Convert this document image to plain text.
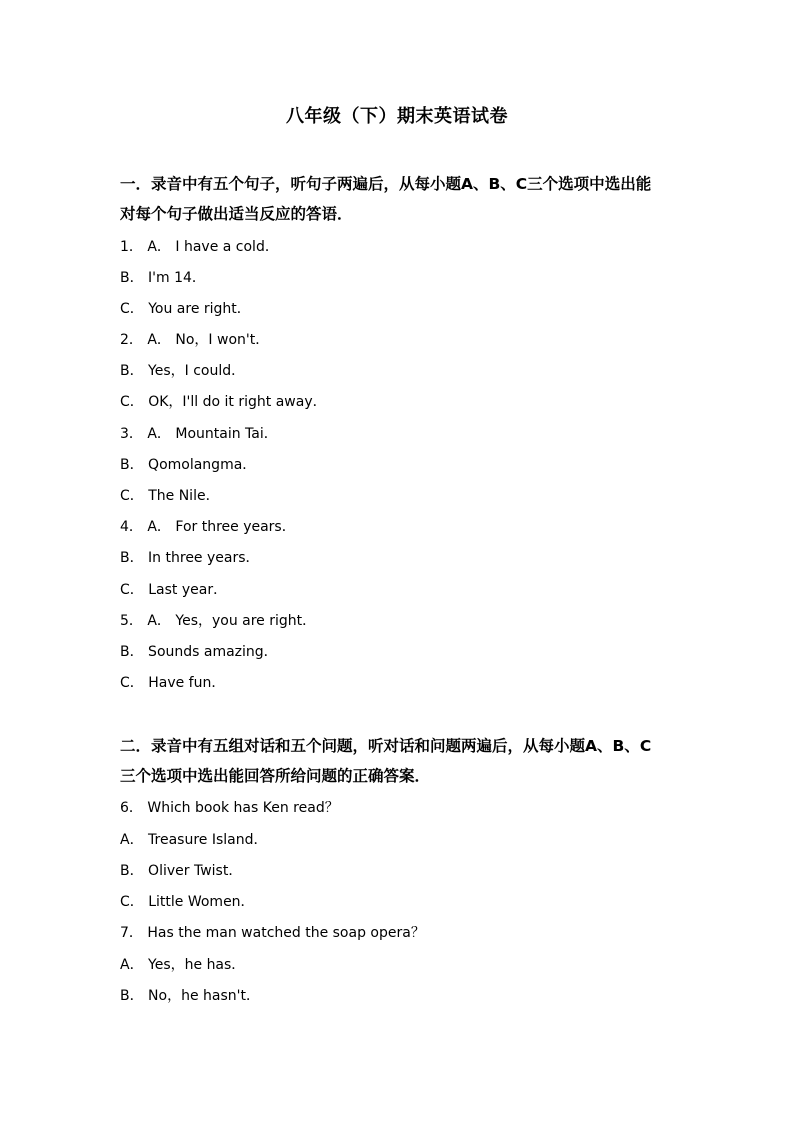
八年级（下）期末英语试卷
一．录音中有五个句子，听句子两遍后，从每小题A、B、C三个选项中选出能
对每个句子做出适当反应的答语．
1． A． I have a cold．
B． I'm 14．
C． You are right．
2． A． No，I won't．
B． Yes，I could．
C． OK，I'll do it right away．
3． A． Mountain Tai．
B． Qomolangma．
C． The Nile．
4． A． For three years．
B． In three years．
C． Last year．
5． A． Yes，you are right．
B． Sounds amazing．
C． Have fun．
二．录音中有五组对话和五个问题，听对话和问题两遍后，从每小题A、B、C
三个选项中选出能回答所给问题的正确答案．
6． Which book has Ken read？
A． Treasure Island．
B． Oliver Twist．
C． Little Women．
7． Has the man watched the soap opera？
A． Yes，he has．
B． No，he hasn't．
